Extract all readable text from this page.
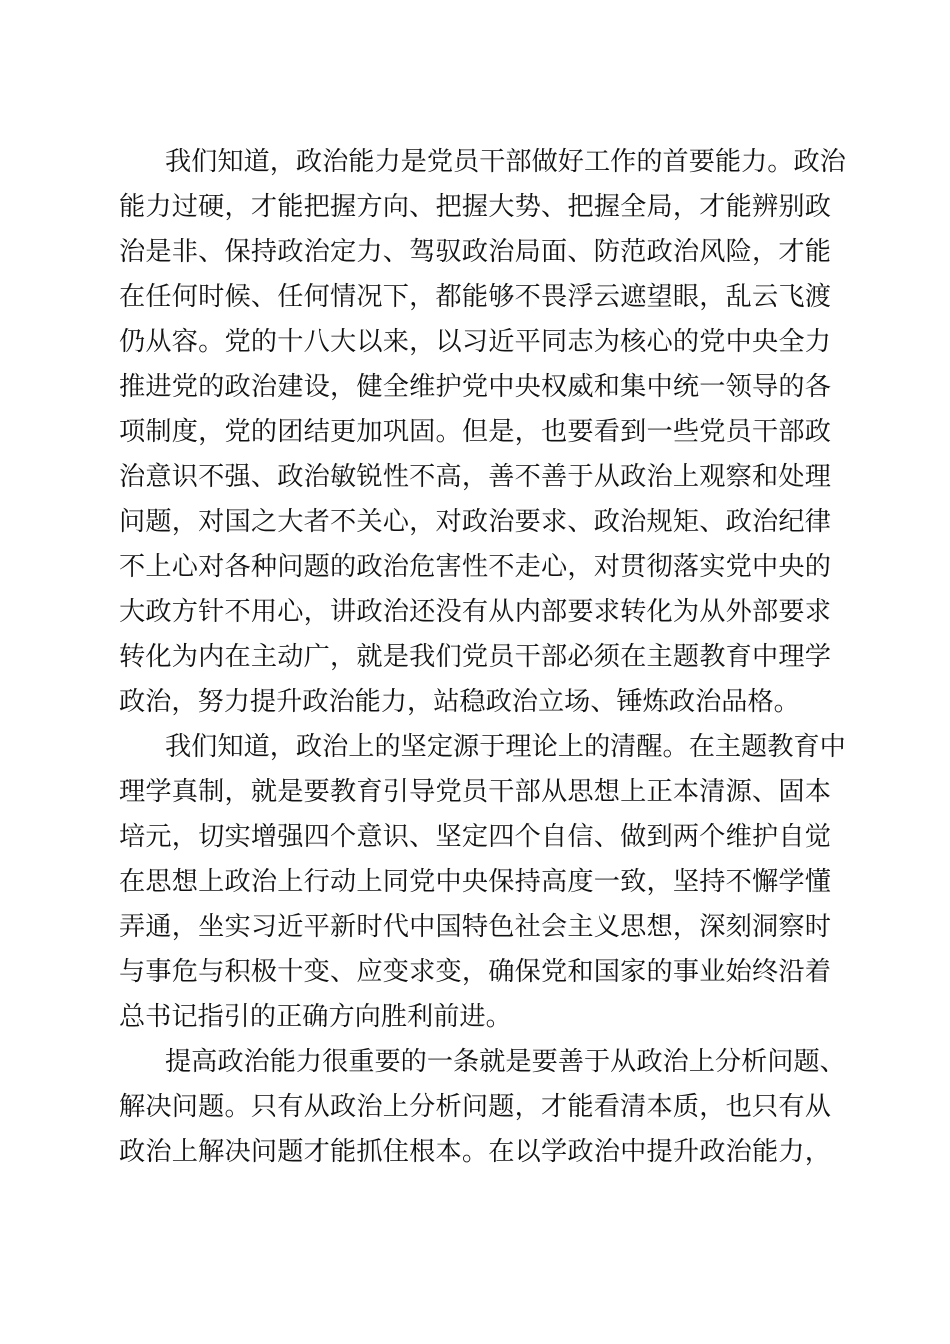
我们知道，政治能力是党员干部做好工作的首要能力。政治
能力过硬，才能把握方向、把握大势、把握全局，才能辨别政
治是非、保持政治定力、驾驭政治局面、防范政治风险，才能
在任何时候、任何情况下，都能够不畏浮云遮望眼，乱云飞渡
仍从容。党的十八大以来，以习近平同志为核心的党中央全力
推进党的政治建设，健全维护党中央权威和集中统一领导的各
项制度，党的团结更加巩固。但是，也要看到一些党员干部政
治意识不强、政治敏锐性不高，善不善于从政治上观察和处理
问题，对国之大者不关心，对政治要求、政治规矩、政治纪律
不上心对各种问题的政治危害性不走心，对贯彻落实党中央的
大政方针不用心，讲政治还没有从内部要求转化为从外部要求
转化为内在主动广，就是我们党员干部必须在主题教育中理学
政治，努力提升政治能力，站稳政治立场、锤炼政治品格。
我们知道，政治上的坚定源于理论上的清醒。在主题教育中
理学真制，就是要教育引导党员干部从思想上正本清源、固本
培元，切实增强四个意识、坚定四个自信、做到两个维护自觉
在思想上政治上行动上同党中央保持高度一致，坚持不懈学懂
弄通，坐实习近平新时代中国特色社会主义思想，深刻洞察时
与事危与积极十变、应变求变，确保党和国家的事业始终沿着
总书记指引的正确方向胜利前进。
提高政治能力很重要的一条就是要善于从政治上分析问题、
解决问题。只有从政治上分析问题，才能看清本质，也只有从
政治上解决问题才能抓住根本。在以学政治中提升政治能力，
